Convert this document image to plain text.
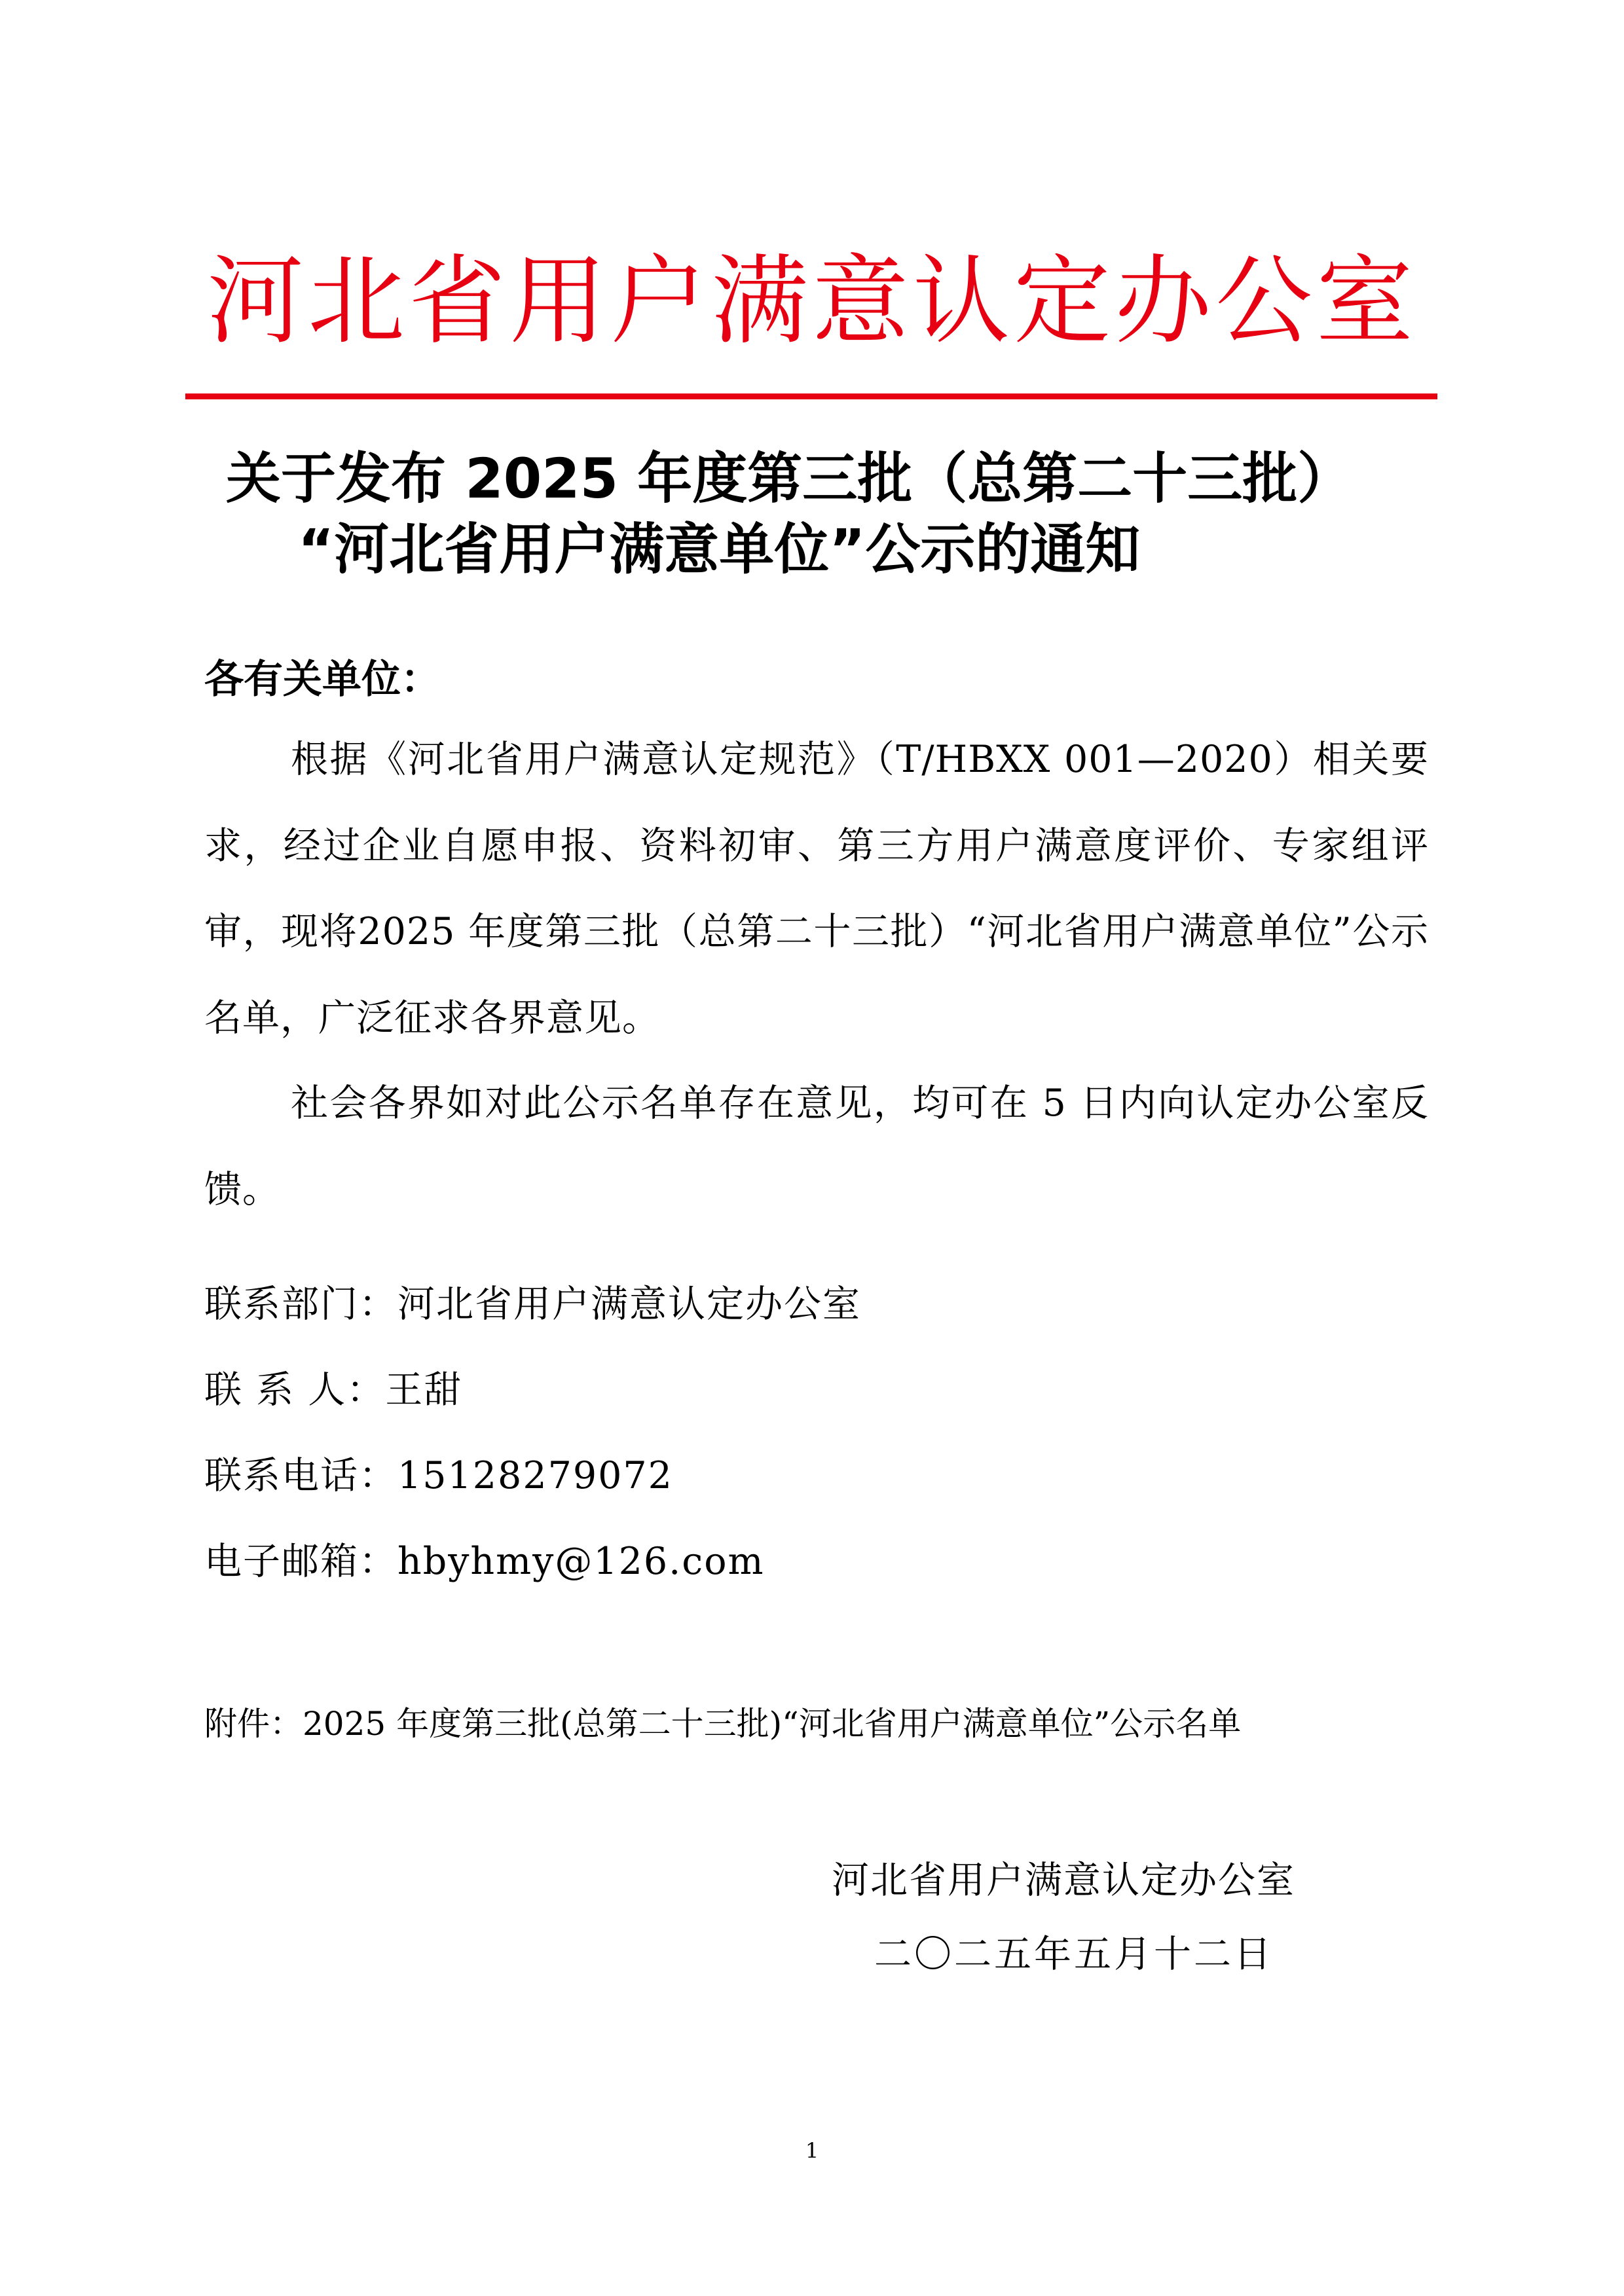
河北省用户满意认定办公室
关于发布 2025 年度第三批（总第二十三批）
“河北省用户满意单位”公示的通知
各有关单位：
根据《河北省用户满意认定规范》（T/HBXX 001—2020）相关要求，经过企业自愿申报、资料初审、第三方用户满意度评价、专家组评审，现将2025 年度第三批（总第二十三批）“河北省用户满意单位”公示名单，广泛征求各界意见。
社会各界如对此公示名单存在意见，均可在 5 日内向认定办公室反馈。
联系部门：河北省用户满意认定办公室
联 系 人：王甜
联系电话：15128279072
电子邮箱：hbyhmy@126.com
附件：2025 年度第三批(总第二十三批)“河北省用户满意单位”公示名单
河北省用户满意认定办公室
二〇二五年五月十二日
1
